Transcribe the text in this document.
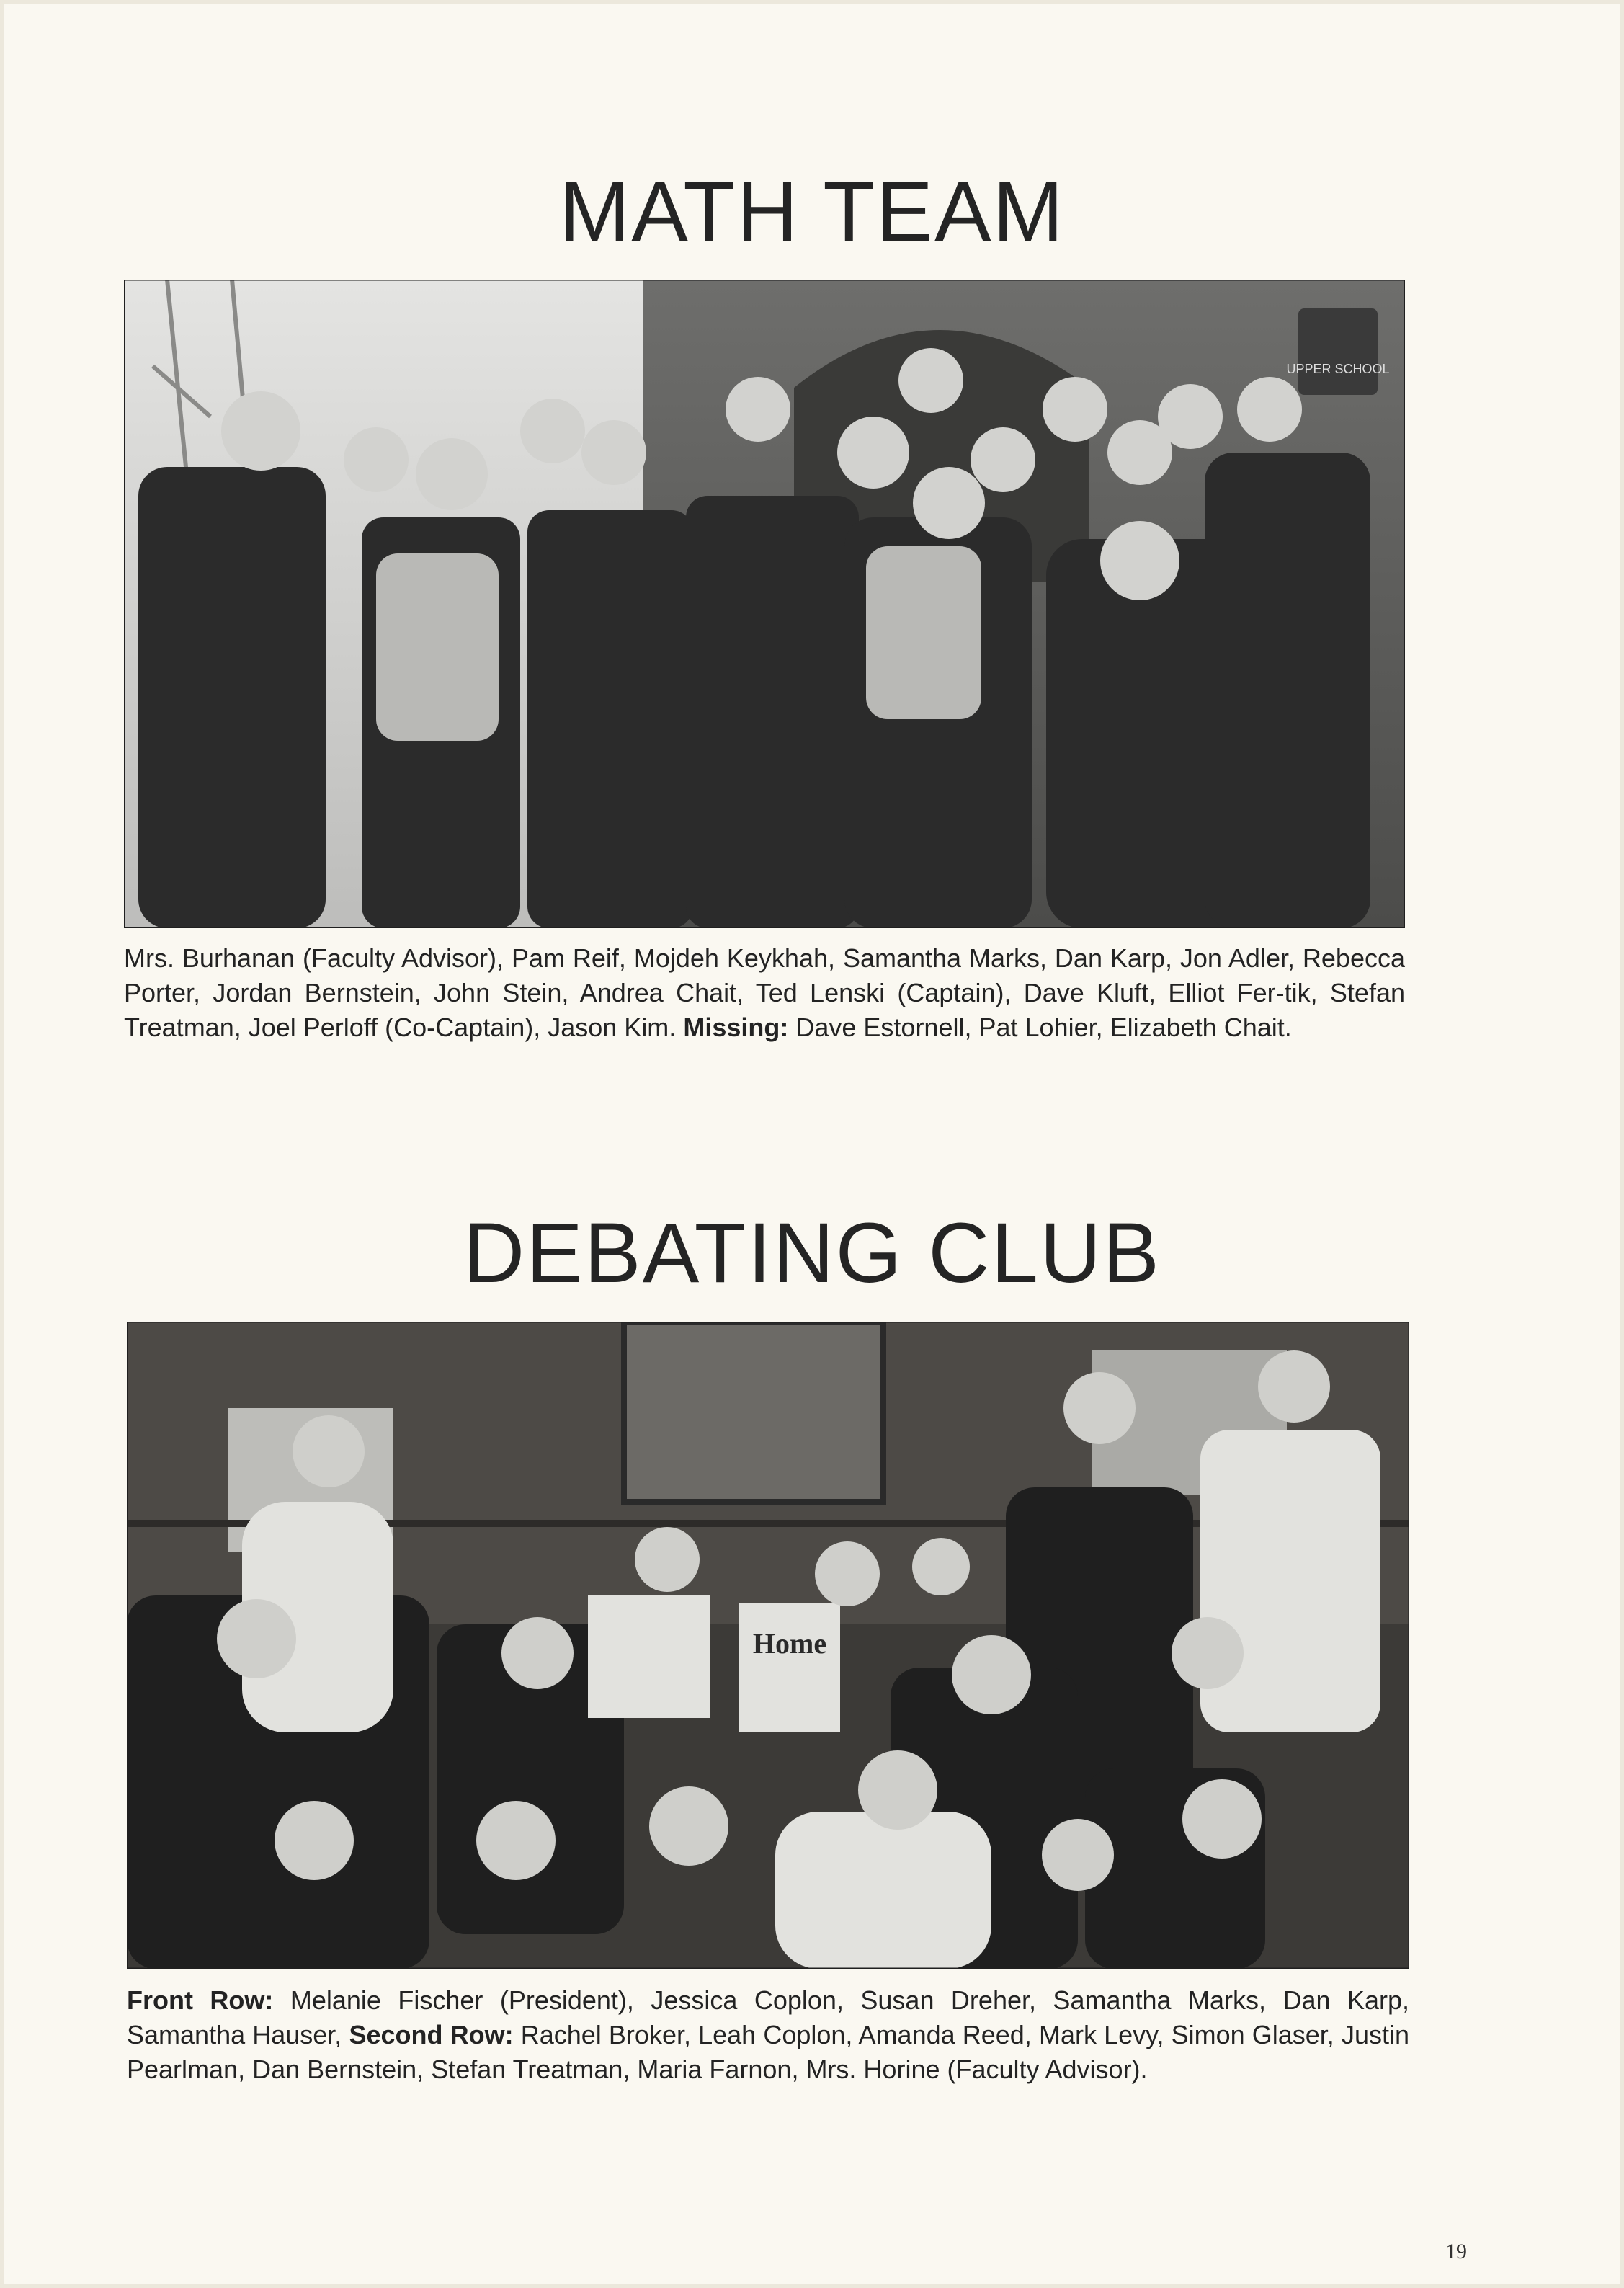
MATH TEAM
UPPER SCHOOL

Mrs. Burhanan (Faculty Advisor), Pam Reif, Mojdeh Keykhah, Samantha Marks, Dan Karp, Jon Adler, Rebecca Porter, Jordan Bernstein, John Stein, Andrea Chait, Ted Lenski (Captain), Dave Kluft, Elliot Fer-tik, Stefan Treatman, Joel Perloff (Co-Captain), Jason Kim. Missing: Dave Estornell, Pat Lohier, Elizabeth Chait.

DEBATING CLUB
Home

Front Row: Melanie Fischer (President), Jessica Coplon, Susan Dreher, Samantha Marks, Dan Karp, Samantha Hauser, Second Row: Rachel Broker, Leah Coplon, Amanda Reed, Mark Levy, Simon Glaser, Justin Pearlman, Dan Bernstein, Stefan Treatman, Maria Farnon, Mrs. Horine (Faculty Advisor).

19
